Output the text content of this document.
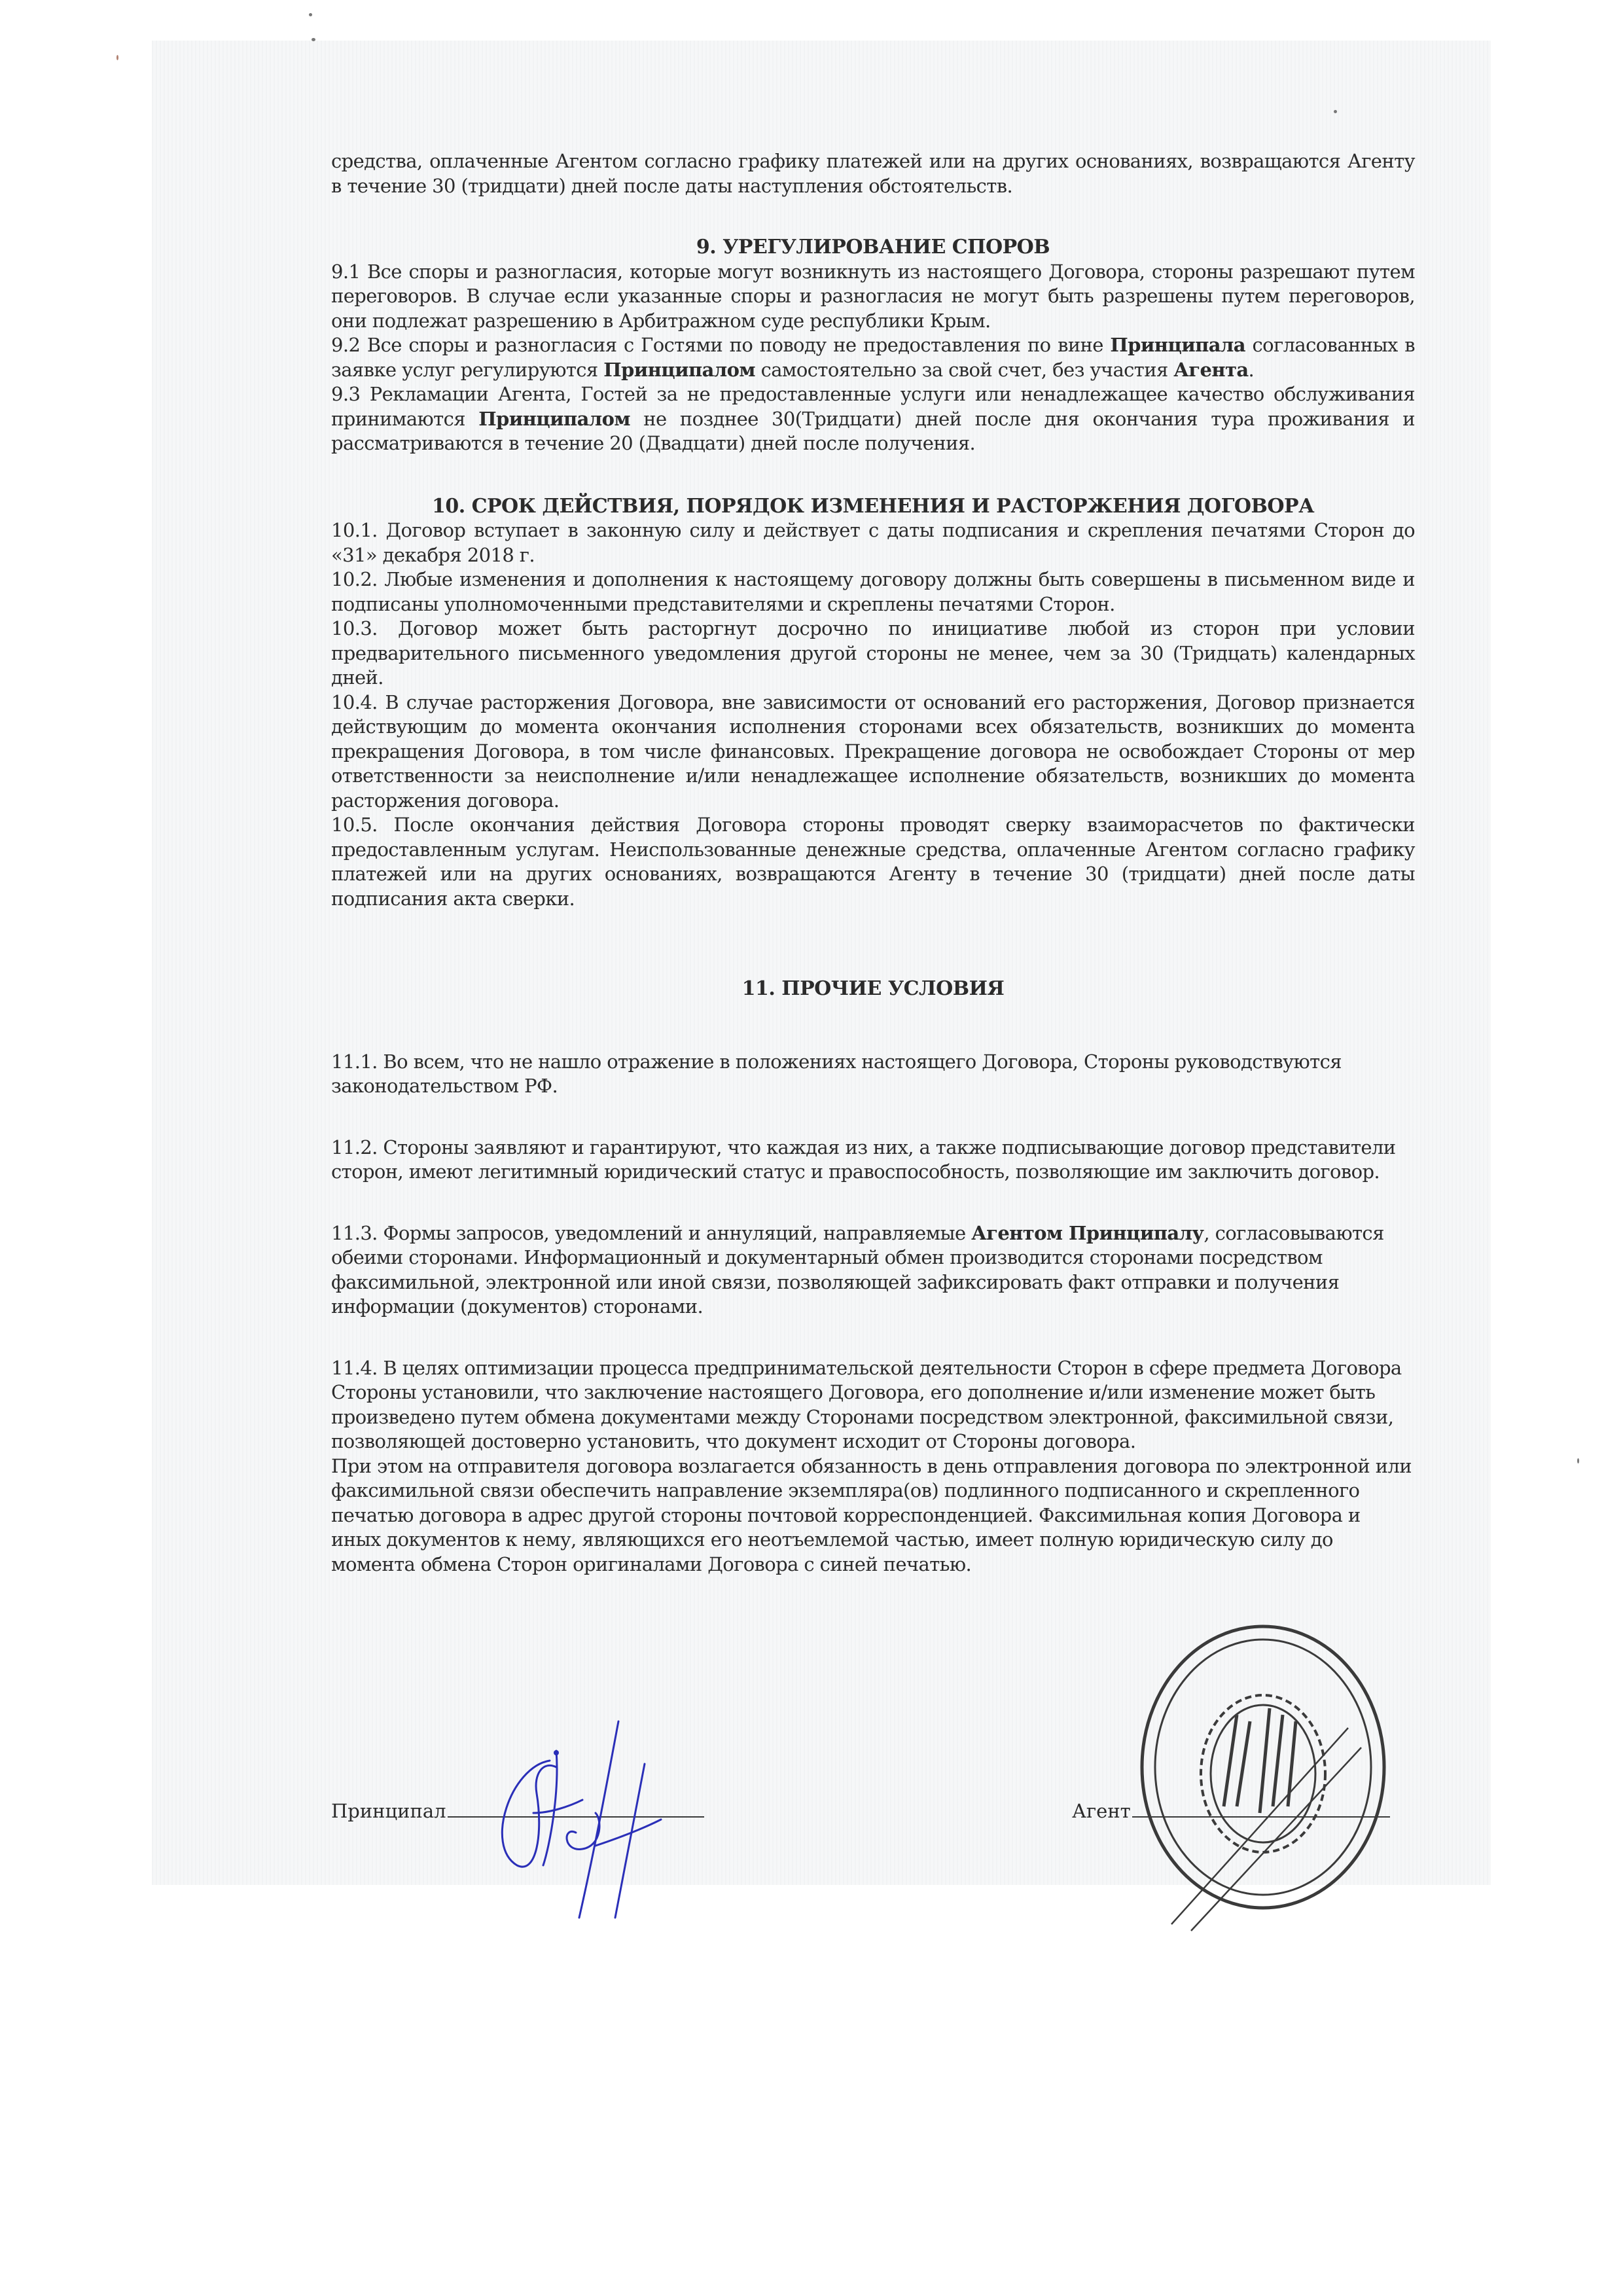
средства, оплаченные Агентом согласно графику платежей или на других основаниях, возвращаются Агенту в течение 30 (тридцати) дней после даты наступления обстоятельств.

9. УРЕГУЛИРОВАНИЕ СПОРОВ

9.1 Все споры и разногласия, которые могут возникнуть из настоящего Договора, стороны разрешают путем переговоров. В случае если указанные споры и разногласия не могут быть разрешены путем переговоров, они подлежат разрешению в Арбитражном суде республики Крым.

9.2 Все споры и разногласия с Гостями по поводу не предоставления по вине Принципала согласованных в заявке услуг регулируются Принципалом самостоятельно за свой счет, без участия Агента.

9.3 Рекламации Агента, Гостей за не предоставленные услуги или ненадлежащее качество обслуживания принимаются Принципалом не позднее 30(Тридцати) дней после дня окончания тура проживания и рассматриваются в течение 20 (Двадцати) дней после получения.

10. СРОК ДЕЙСТВИЯ, ПОРЯДОК ИЗМЕНЕНИЯ И РАСТОРЖЕНИЯ ДОГОВОРА

10.1. Договор вступает в законную силу и действует с даты подписания и скрепления печатями Сторон до «31» декабря 2018 г.

10.2. Любые изменения и дополнения к настоящему договору должны быть совершены в письменном виде и подписаны уполномоченными представителями и скреплены печатями Сторон.

10.3. Договор может быть расторгнут досрочно по инициативе любой из сторон при условии предварительного письменного уведомления другой стороны не менее, чем за 30 (Тридцать) календарных дней.

10.4. В случае расторжения Договора, вне зависимости от оснований его расторжения, Договор признается действующим до момента окончания исполнения сторонами всех обязательств, возникших до момента прекращения Договора, в том числе финансовых. Прекращение договора не освобождает Стороны от мер ответственности за неисполнение и/или ненадлежащее исполнение обязательств, возникших до момента расторжения договора.

10.5. После окончания действия Договора стороны проводят сверку взаиморасчетов по фактически предоставленным услугам. Неиспользованные денежные средства, оплаченные Агентом согласно графику платежей или на других основаниях, возвращаются Агенту в течение 30 (тридцати) дней после даты подписания акта сверки.

11. ПРОЧИЕ УСЛОВИЯ

11.1. Во всем, что не нашло отражение в положениях настоящего Договора, Стороны руководствуются законодательством РФ.

11.2. Стороны заявляют и гарантируют, что каждая из них, а также подписывающие договор представители сторон, имеют легитимный юридический статус и правоспособность, позволяющие им заключить договор.

11.3. Формы запросов, уведомлений и аннуляций, направляемые Агентом Принципалу, согласовываются обеими сторонами. Информационный и документарный обмен производится сторонами посредством факсимильной, электронной или иной связи, позволяющей зафиксировать факт отправки и получения информации (документов) сторонами.

11.4. В целях оптимизации процесса предпринимательской деятельности Сторон в сфере предмета Договора Стороны установили, что заключение настоящего Договора, его дополнение и/или изменение может быть произведено путем обмена документами между Сторонами посредством электронной, факсимильной связи, позволяющей достоверно установить, что документ исходит от Стороны договора.

При этом на отправителя договора возлагается обязанность в день отправления договора по электронной или факсимильной связи обеспечить направление экземпляра(ов) подлинного подписанного и скрепленного печатью договора в адрес другой стороны почтовой корреспонденцией. Факсимильная копия Договора и иных документов к нему, являющихся его неотъемлемой частью, имеет полную юридическую силу до момента обмена Сторон оригиналами Договора с синей печатью.

Принципал	Агент
